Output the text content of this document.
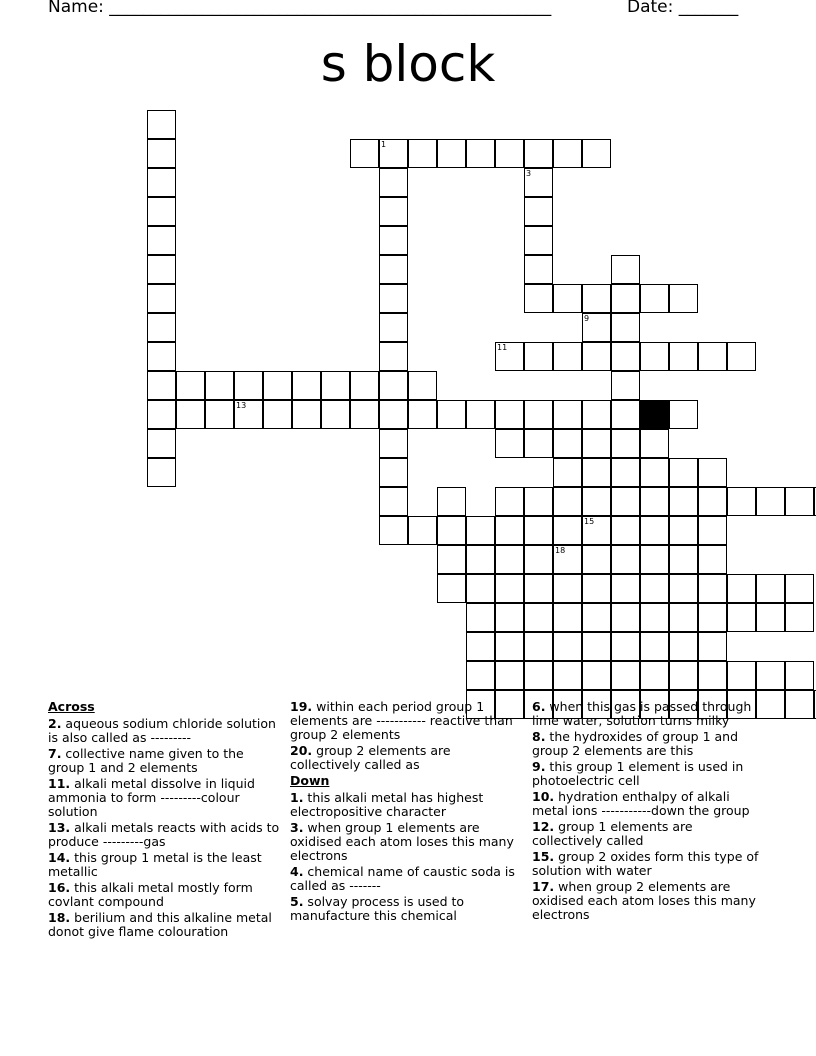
Name: ____________________________________________________	Date: _______
s block
1
3
9
11
13
15
18
Across
2. aqueous sodium chloride solution is also called as ---------
7. collective name given to the group 1 and 2 elements
11. alkali metal dissolve in liquid ammonia to form ---------colour solution
13. alkali metals reacts with acids to produce ---------gas
14. this group 1 metal is the least metallic
16. this alkali metal mostly form covlant compound
18. berilium and this alkaline metal donot give flame colouration
19. within each period group 1 elements are ----------- reactive than group 2 elements
20. group 2 elements are collectively called as
Down
1. this alkali metal has highest electropositive character
3. when group 1 elements are oxidised each atom loses this many electrons
4. chemical name of caustic soda is called as -------
5. solvay process is used to manufacture this chemical
6. when this gas is passed through lime water, solution turns milky
8. the hydroxides of group 1 and group 2 elements are this
9. this group 1 element is used in photoelectric cell
10. hydration enthalpy of alkali metal ions -----------down the group
12. group 1 elements are collectively called
15. group 2 oxides form this type of solution with water
17. when group 2 elements are oxidised each atom loses this many electrons
